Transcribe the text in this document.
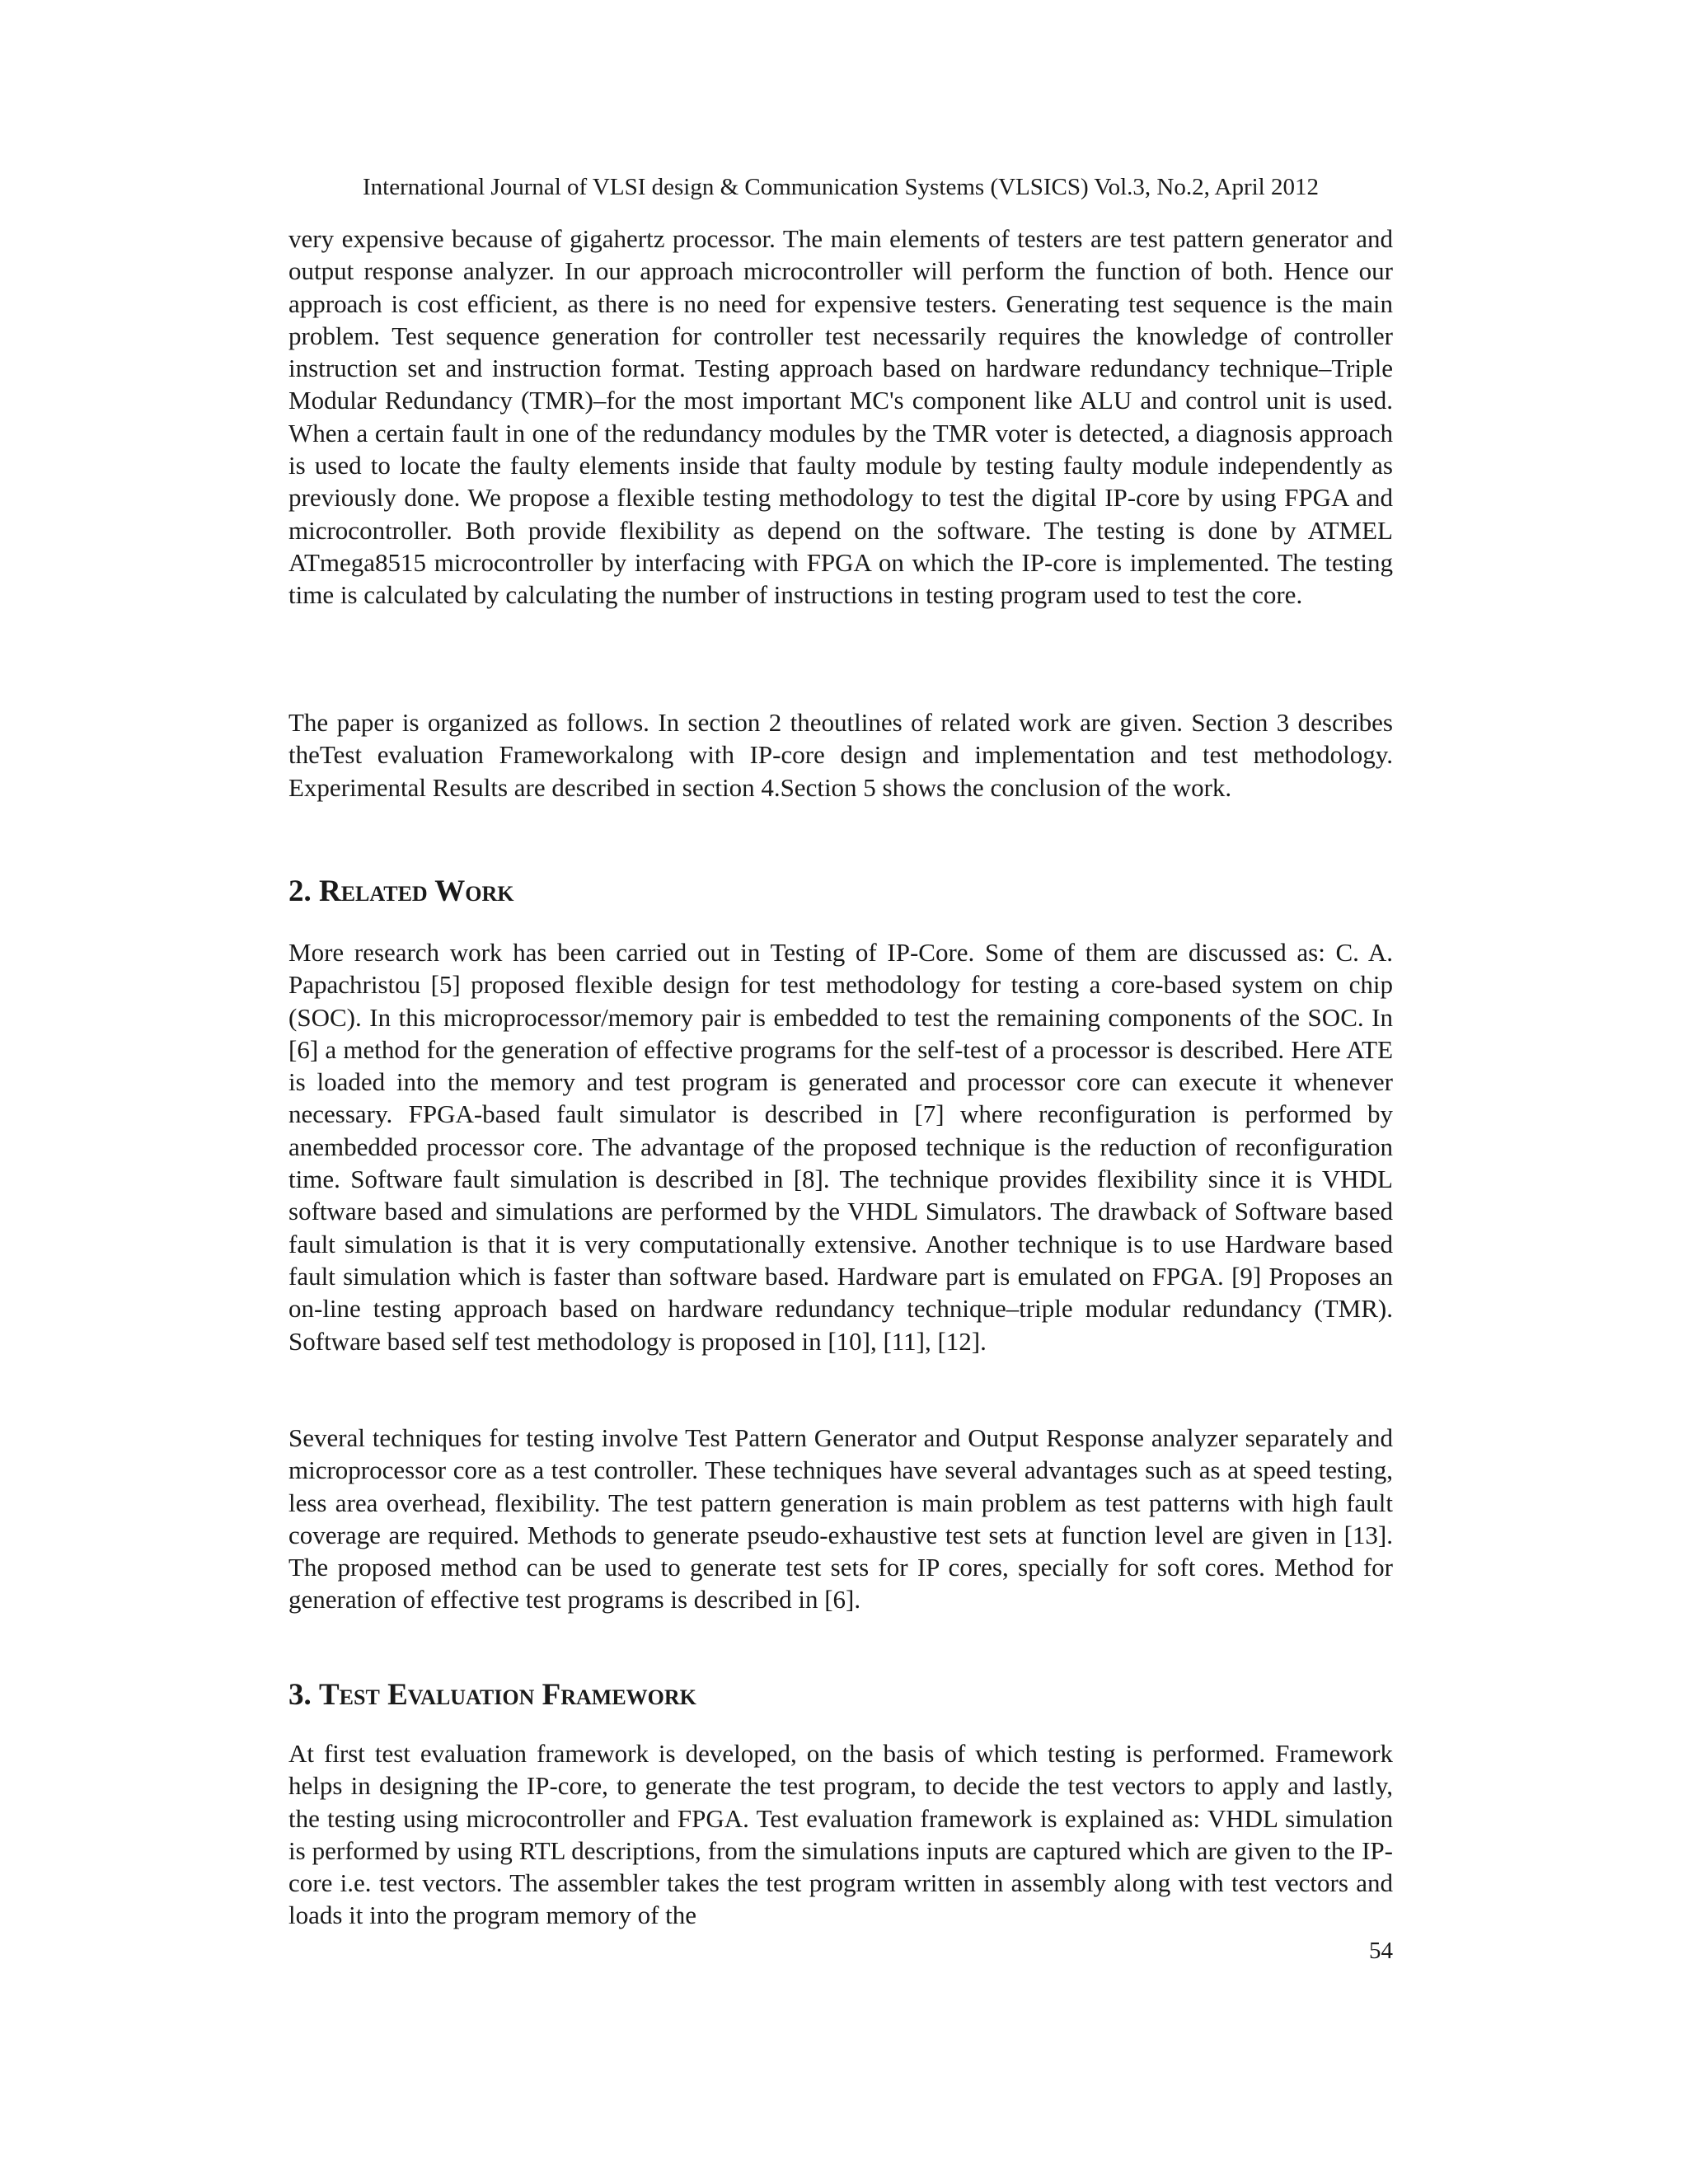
International Journal of VLSI design & Communication Systems (VLSICS) Vol.3, No.2, April 2012

very expensive because of gigahertz processor. The main elements of testers are test pattern generator and output response analyzer. In our approach microcontroller will perform the function of both. Hence our approach is cost efficient, as there is no need for expensive testers. Generating test sequence is the main problem. Test sequence generation for controller test necessarily requires the knowledge of controller instruction set and instruction format. Testing approach based on hardware redundancy technique–Triple Modular Redundancy (TMR)–for the most important MC's component like ALU and control unit is used. When a certain fault in one of the redundancy modules by the TMR voter is detected, a diagnosis approach is used to locate the faulty elements inside that faulty module by testing faulty module independently as previously done. We propose a flexible testing methodology to test the digital IP-core by using FPGA and microcontroller. Both provide flexibility as depend on the software. The testing is done by ATMEL ATmega8515 microcontroller by interfacing with FPGA on which the IP-core is implemented. The testing time is calculated by calculating the number of instructions in testing program used to test the core.

The paper is organized as follows. In section 2 theoutlines of related work are given. Section 3 describes theTest evaluation Frameworkalong with IP-core design and implementation and test methodology. Experimental Results are described in section 4.Section 5 shows the conclusion of the work.

2. Related Work

More research work has been carried out in Testing of IP-Core. Some of them are discussed as: C. A. Papachristou [5] proposed flexible design for test methodology for testing a core-based system on chip (SOC). In this microprocessor/memory pair is embedded to test the remaining components of the SOC. In [6] a method for the generation of effective programs for the self-test of a processor is described. Here ATE is loaded into the memory and test program is generated and processor core can execute it whenever necessary. FPGA-based fault simulator is described in [7] where reconfiguration is performed by anembedded processor core. The advantage of the proposed technique is the reduction of reconfiguration time. Software fault simulation is described in [8]. The technique provides flexibility since it is VHDL software based and simulations are performed by the VHDL Simulators. The drawback of Software based fault simulation is that it is very computationally extensive. Another technique is to use Hardware based fault simulation which is faster than software based. Hardware part is emulated on FPGA. [9] Proposes an on-line testing approach based on hardware redundancy technique–triple modular redundancy (TMR). Software based self test methodology is proposed in [10], [11], [12].

Several techniques for testing involve Test Pattern Generator and Output Response analyzer separately and microprocessor core as a test controller. These techniques have several advantages such as at speed testing, less area overhead, flexibility. The test pattern generation is main problem as test patterns with high fault coverage are required. Methods to generate pseudo-exhaustive test sets at function level are given in [13]. The proposed method can be used to generate test sets for IP cores, specially for soft cores. Method for generation of effective test programs is described in [6].

3. Test Evaluation Framework

At first test evaluation framework is developed, on the basis of which testing is performed. Framework helps in designing the IP-core, to generate the test program, to decide the test vectors to apply and lastly, the testing using microcontroller and FPGA. Test evaluation framework is explained as: VHDL simulation is performed by using RTL descriptions, from the simulations inputs are captured which are given to the IP-core i.e. test vectors. The assembler takes the test program written in assembly along with test vectors and loads it into the program memory of the

54
